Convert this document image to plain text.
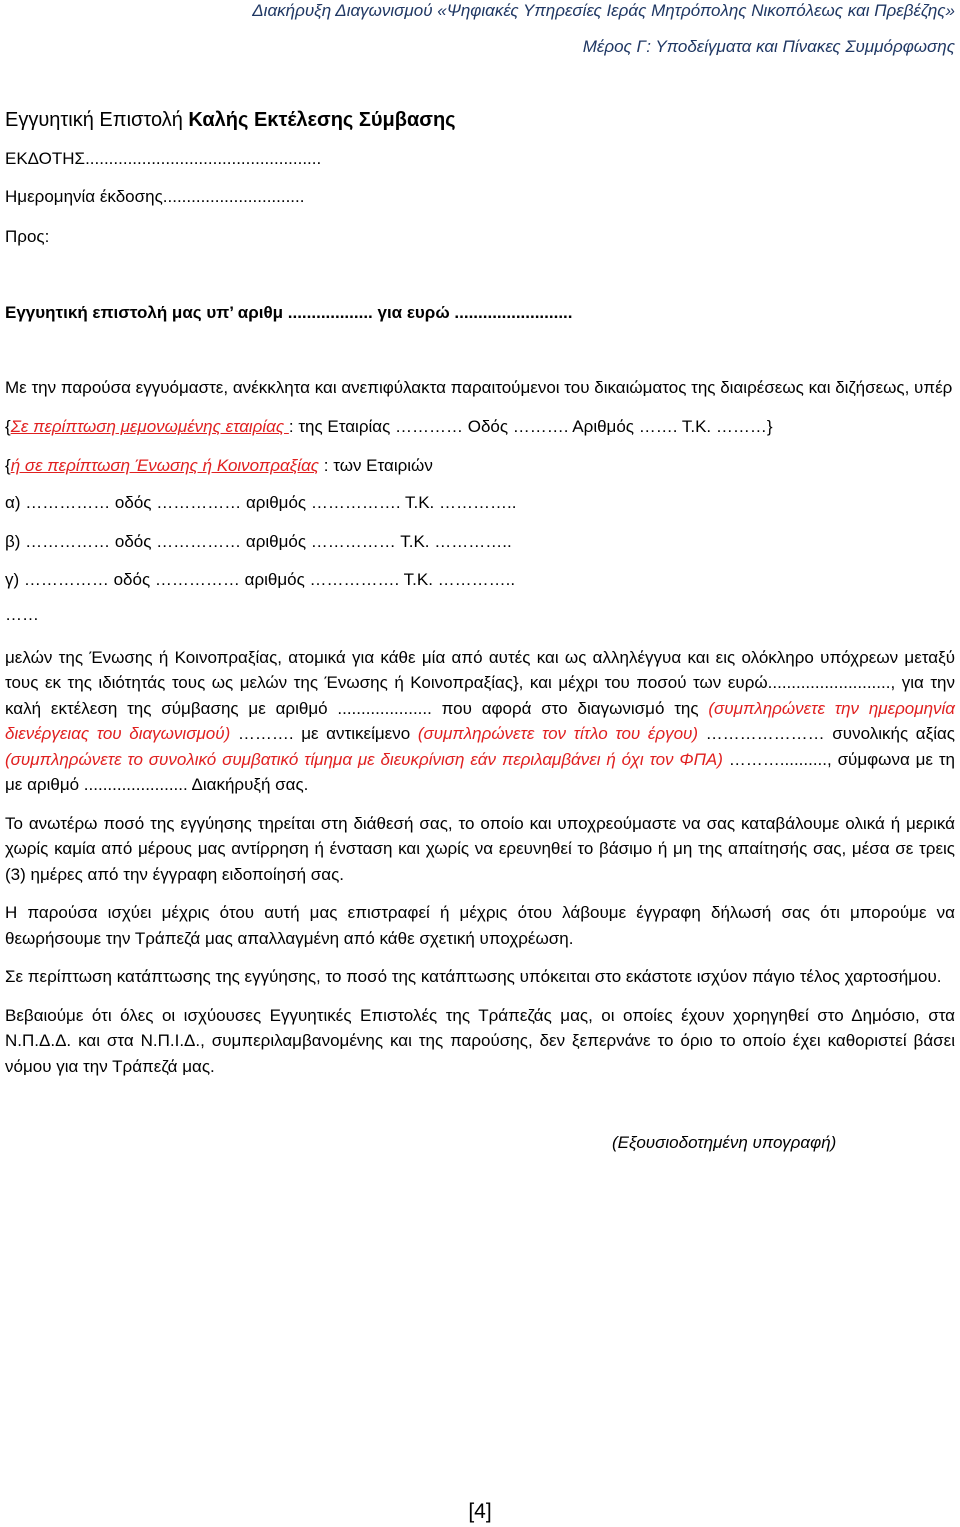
Διακήρυξη Διαγωνισμού «Ψηφιακές Υπηρεσίες Ιεράς Μητρόπολης Νικοπόλεως και Πρεβέζης»
Μέρος Γ: Υποδείγματα και Πίνακες Συμμόρφωσης
Εγγυητική Επιστολή Καλής Εκτέλεσης Σύμβασης
ΕΚΔΟΤΗΣ..................................................
Ημερομηνία έκδοσης..............................
Προς:
Εγγυητική επιστολή μας υπ’ αριθμ .................. για ευρώ .........................
Με την παρούσα εγγυόμαστε, ανέκκλητα και ανεπιφύλακτα παραιτούμενοι του δικαιώματος της διαιρέσεως και διζήσεως, υπέρ
{Σε περίπτωση μεμονωμένης εταιρίας : της Εταιρίας ………… Οδός ………. Αριθμός ……. Τ.Κ. ………}
{ή σε περίπτωση Ένωσης ή Κοινοπραξίας : των Εταιριών
α) …………… οδός …………… αριθμός ……………. Τ.Κ. …………..
β) …………… οδός …………… αριθμός …………… Τ.Κ. …………..
γ) …………… οδός …………… αριθμός ……………. Τ.Κ. …………..
……
μελών της Ένωσης ή Κοινοπραξίας, ατομικά για κάθε μία από αυτές και ως αλληλέγγυα και εις ολόκληρο υπόχρεων μεταξύ τους εκ της ιδιότητάς τους ως μελών της Ένωσης ή Κοινοπραξίας}, και μέχρι του ποσού των ευρώ.........................., για την καλή εκτέλεση της σύμβασης με αριθμό .................... που αφορά στο διαγωνισμό της (συμπληρώνετε την ημερομηνία διενέργειας του διαγωνισμού) ………. με αντικείμενο (συμπληρώνετε τον τίτλο του έργου) ………………… συνολικής αξίας (συμπληρώνετε το συνολικό συμβατικό τίμημα με διευκρίνιση εάν περιλαμβάνει ή όχι τον ΦΠΑ) ……….........., σύμφωνα με τη με αριθμό ...................... Διακήρυξή σας.
Το ανωτέρω ποσό της εγγύησης τηρείται στη διάθεσή σας, το οποίο και υποχρεούμαστε να σας καταβάλουμε ολικά ή μερικά χωρίς καμία από μέρους μας αντίρρηση ή ένσταση και χωρίς να ερευνηθεί το βάσιμο ή μη της απαίτησής σας, μέσα σε τρεις (3) ημέρες από την έγγραφη ειδοποίησή σας.
Η παρούσα ισχύει μέχρις ότου αυτή μας επιστραφεί ή μέχρις ότου λάβουμε έγγραφη δήλωσή σας ότι μπορούμε να θεωρήσουμε την Τράπεζά μας απαλλαγμένη από κάθε σχετική υποχρέωση.
Σε περίπτωση κατάπτωσης της εγγύησης, το ποσό της κατάπτωσης υπόκειται στο εκάστοτε ισχύον πάγιο τέλος χαρτοσήμου.
Βεβαιούμε ότι όλες οι ισχύουσες Εγγυητικές Επιστολές της Τράπεζάς μας, οι οποίες έχουν χορηγηθεί στο Δημόσιο, στα Ν.Π.Δ.Δ. και στα Ν.Π.Ι.Δ., συμπεριλαμβανομένης και της παρούσης, δεν ξεπερνάνε το όριο το οποίο έχει καθοριστεί βάσει νόμου για την Τράπεζά μας.
(Εξουσιοδοτημένη υπογραφή)
[4]
